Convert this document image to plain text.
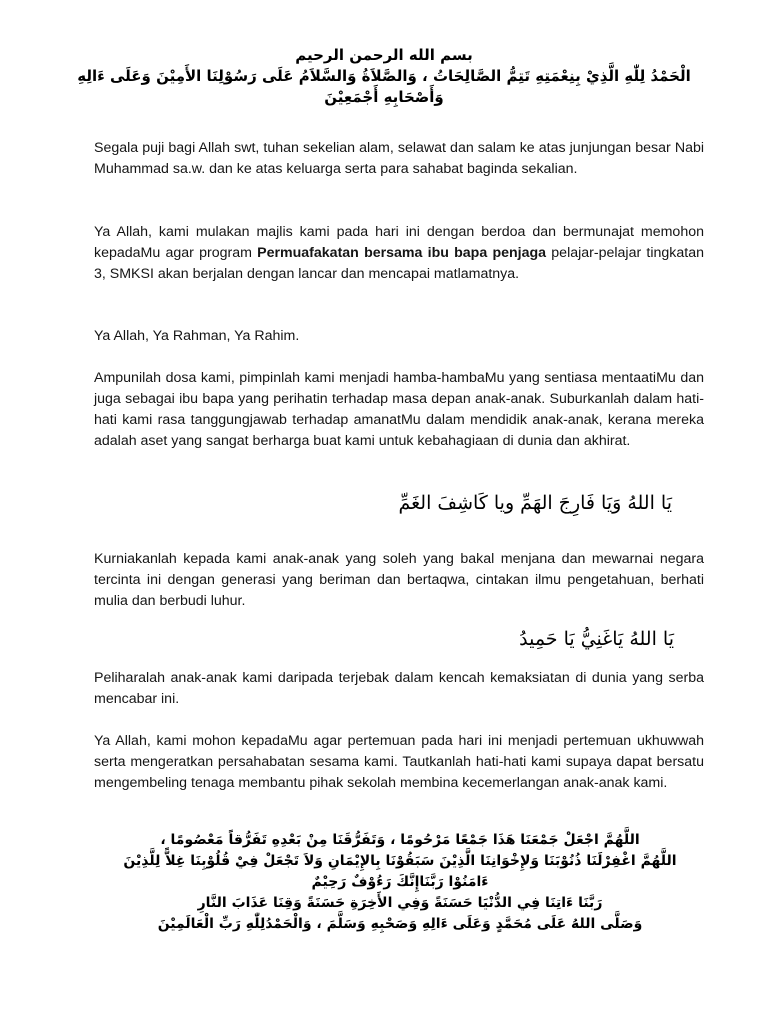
بسم الله الرحمن الرحيم
الْحَمْدُ لِلّٰهِ الَّذِيْ بِنِعْمَتِهِ تَتِمُّ الصَّالِحَاتُ ، وَالصَّلاَةُ وَالسَّلاَمُ عَلَى رَسُوْلِنَا الأَمِيْنَ وَعَلَى ءَالِهِ
وَأَصْحَابِهِ أَجْمَعِيْنَ

Segala puji bagi Allah swt, tuhan sekelian alam, selawat dan salam ke atas junjungan besar Nabi Muhammad sa.w. dan ke atas keluarga serta para sahabat baginda sekalian.

Ya Allah, kami mulakan majlis kami pada hari ini dengan berdoa dan bermunajat memohon kepadaMu agar program Permuafakatan bersama ibu bapa penjaga pelajar-pelajar tingkatan 3, SMKSI akan berjalan dengan lancar dan mencapai matlamatnya.

Ya Allah, Ya Rahman, Ya Rahim.

Ampunilah dosa kami, pimpinlah kami menjadi hamba-hambaMu yang sentiasa mentaatiMu dan juga sebagai ibu bapa yang perihatin terhadap masa depan anak-anak. Suburkanlah dalam hati-hati kami rasa tanggungjawab terhadap amanatMu dalam mendidik anak-anak, kerana mereka adalah aset yang sangat berharga buat kami untuk kebahagiaan di dunia dan akhirat.

يَا اللهُ وَيَا فَارِجَ الهَمِّ ويا كَاشِفَ الغَمِّ

Kurniakanlah kepada kami anak-anak yang soleh yang bakal menjana dan mewarnai negara tercinta ini dengan generasi yang beriman dan bertaqwa, cintakan ilmu pengetahuan, berhati mulia dan berbudi luhur.

يَا اللهُ يَاغَنِيُّ يَا حَمِيدُ

Peliharalah anak-anak kami daripada terjebak dalam kencah kemaksiatan di dunia yang serba mencabar ini.

Ya Allah, kami mohon kepadaMu agar pertemuan pada hari ini menjadi pertemuan ukhuwwah serta mengeratkan persahabatan sesama kami. Tautkanlah hati-hati kami supaya dapat bersatu mengembeling tenaga membantu pihak sekolah membina kecemerlangan anak-anak kami.

اللَّهُمَّ اجْعَلْ جَمْعَنَا هَذَا جَمْعًا مَرْحُومًا ، وَتَفَرُّقَنَا مِنْ بَعْدِهِ تَفَرُّقاً مَعْصُومًا ،
اللَّهُمَّ اغْفِرْلَنَا ذُنُوْبَنَا وَلإِخْوَانِنَا الَّذِيْنَ سَبَقُوْنَا بِالإِيْمَانِ وَلاَ تَجْعَلْ فِيْ قُلُوْبِنَا غِلاًّ لِلَّذِيْنَ
ءَامَنُوْا رَبَّنَاإِنَّكَ رَءُوْفٌ رَحِيْمٌ
رَبَّنَا ءَاتِنَا فِي الدُّنْيَا حَسَنَةً وَفِي الأَخِرَةِ حَسَنَةً وَقِنَا عَذَابَ النَّارِ
وَصَلَّى اللهُ عَلَى مُحَمَّدٍ وَعَلَى ءَالِهِ وَصَحْبِهِ وَسَلَّمَ ، وَالْحَمْدُلِلّٰهِ رَبِّ الْعَالَمِيْنَ
